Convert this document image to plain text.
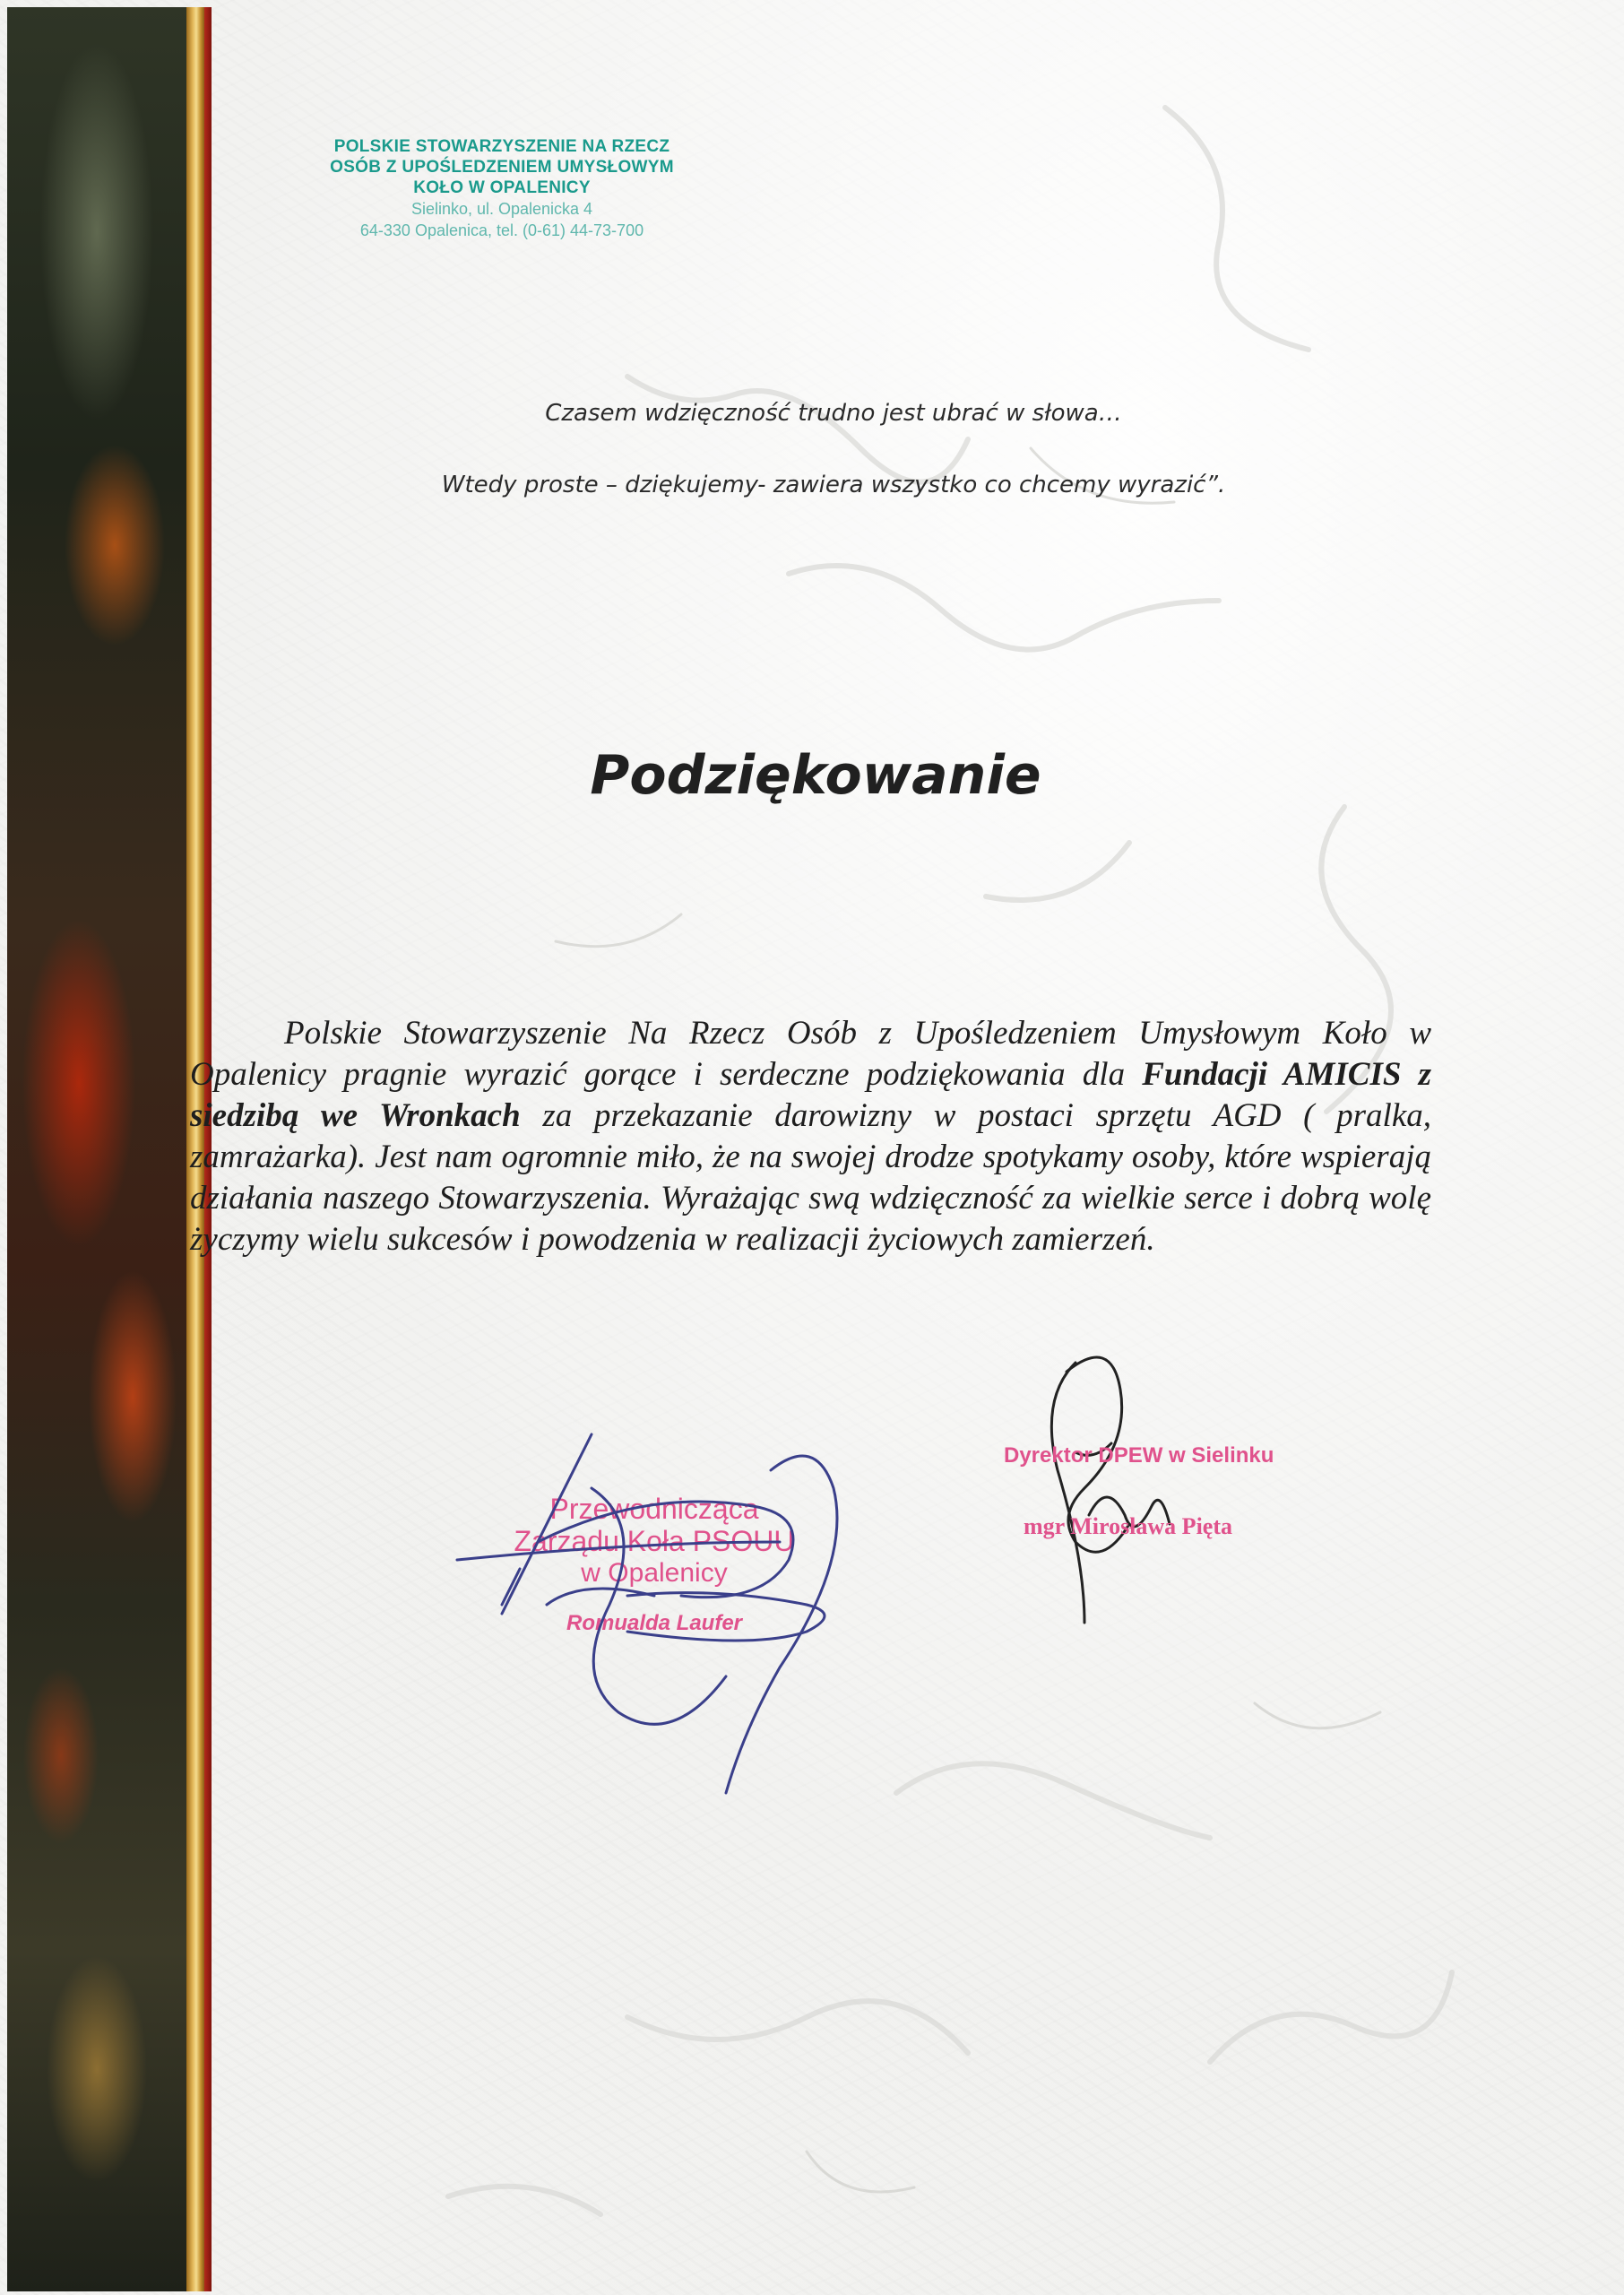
POLSKIE STOWARZYSZENIE NA RZECZ
OSÓB Z UPOŚLEDZENIEM UMYSŁOWYM
KOŁO W OPALENICY
Sielinko, ul. Opalenicka 4
64-330 Opalenica, tel. (0-61) 44-73-700
Czasem wdzięczność trudno jest ubrać w słowa…
Wtedy proste – dziękujemy- zawiera wszystko co chcemy wyrazić”.
Podziękowanie
Polskie Stowarzyszenie Na Rzecz Osób z Upośledzeniem Umysłowym Koło w Opalenicy pragnie wyrazić gorące i serdeczne podziękowania dla Fundacji AMICIS z siedzibą we Wronkach za przekazanie darowizny w postaci sprzętu AGD ( pralka, zamrażarka). Jest nam ogromnie miło, że na swojej drodze spotykamy osoby, które wspierają działania naszego Stowarzyszenia. Wyrażając swą wdzięczność za wielkie serce i dobrą wolę życzymy wielu sukcesów i powodzenia w realizacji życiowych zamierzeń.
Przewodnicząca
Zarządu Koła PSOUU
w Opalenicy
Romualda Laufer
Dyrektor DPEW w Sielinku
mgr Mirosława Pięta
